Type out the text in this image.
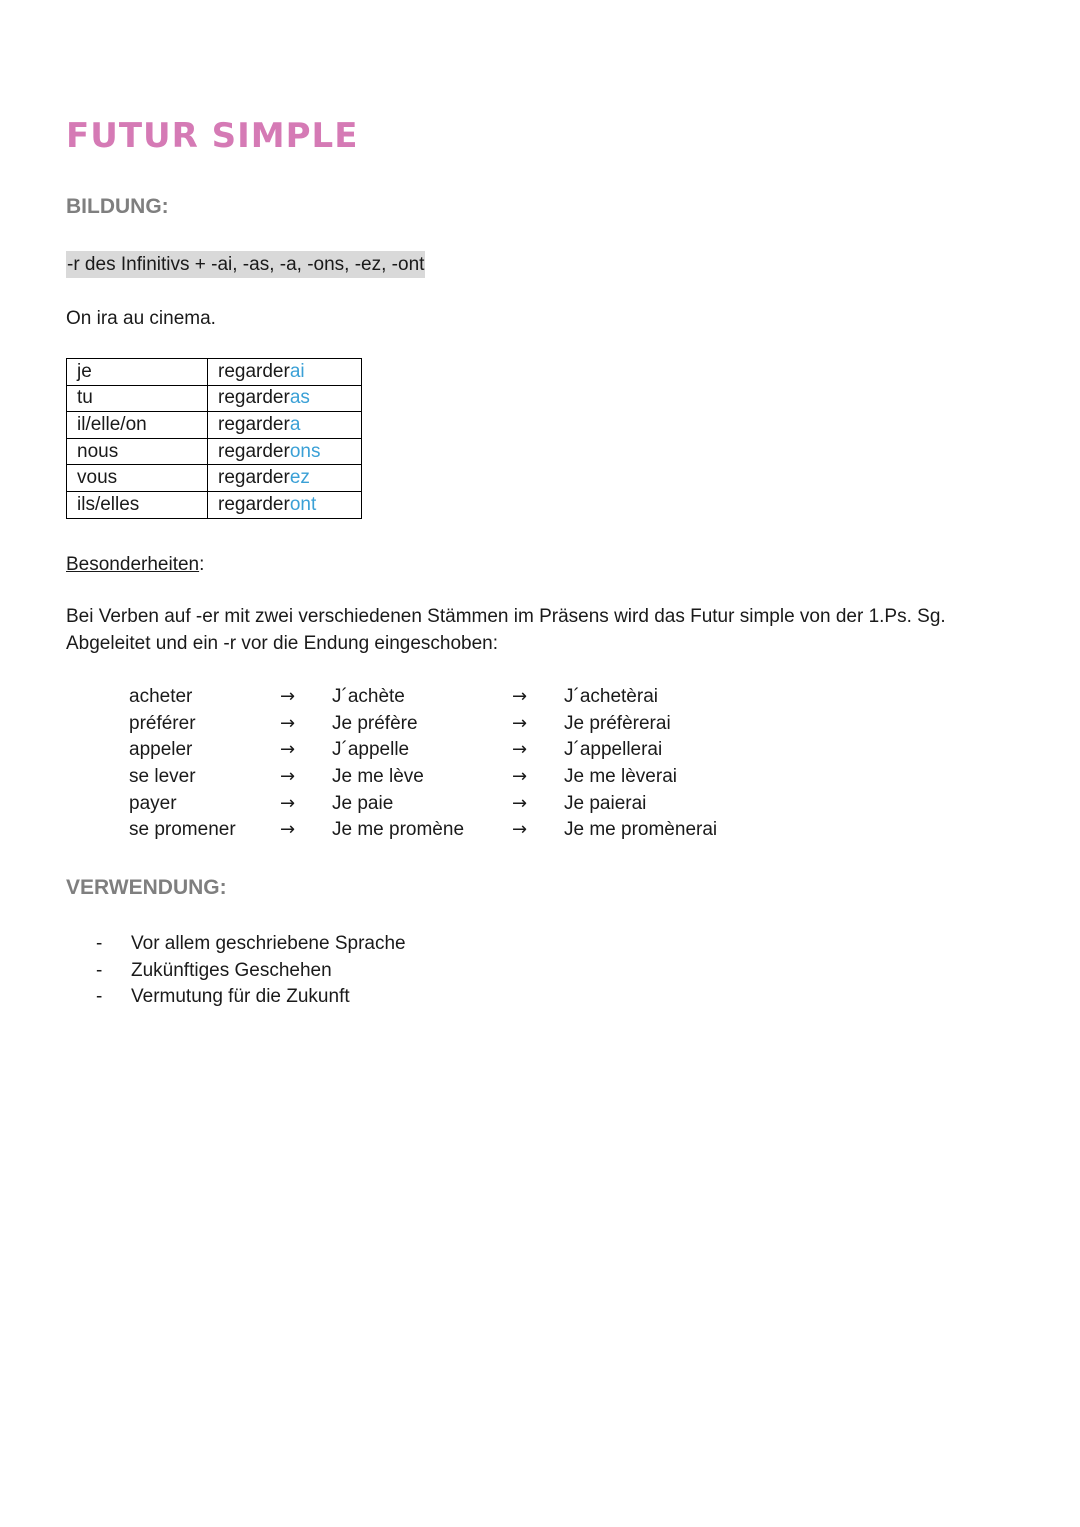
FUTUR SIMPLE
BILDUNG:
-r des Infinitivs + -ai, -as, -a, -ons, -ez, -ont
On ira au cinema.
je	regarderai
tu	regarderas
il/elle/on	regardera
nous	regarderons
vous	regarderez
ils/elles	regarderont
Besonderheiten:
Bei Verben auf -er mit zwei verschiedenen Stämmen im Präsens wird das Futur simple von der 1.Ps. Sg.
Abgeleitet und ein -r vor die Endung eingeschoben:
acheter	→ J´achète	→ J´achetèrai
préférer	→ Je préfère	→ Je préfèrerai
appeler	→ J´appelle	→ J´appellerai
se lever	→ Je me lève	→ Je me lèverai
payer	→ Je paie	→ Je paierai
se promener → Je me promène	→ Je me promènerai
VERWENDUNG:
- Vor allem geschriebene Sprache
- Zukünftiges Geschehen
- Vermutung für die Zukunft
